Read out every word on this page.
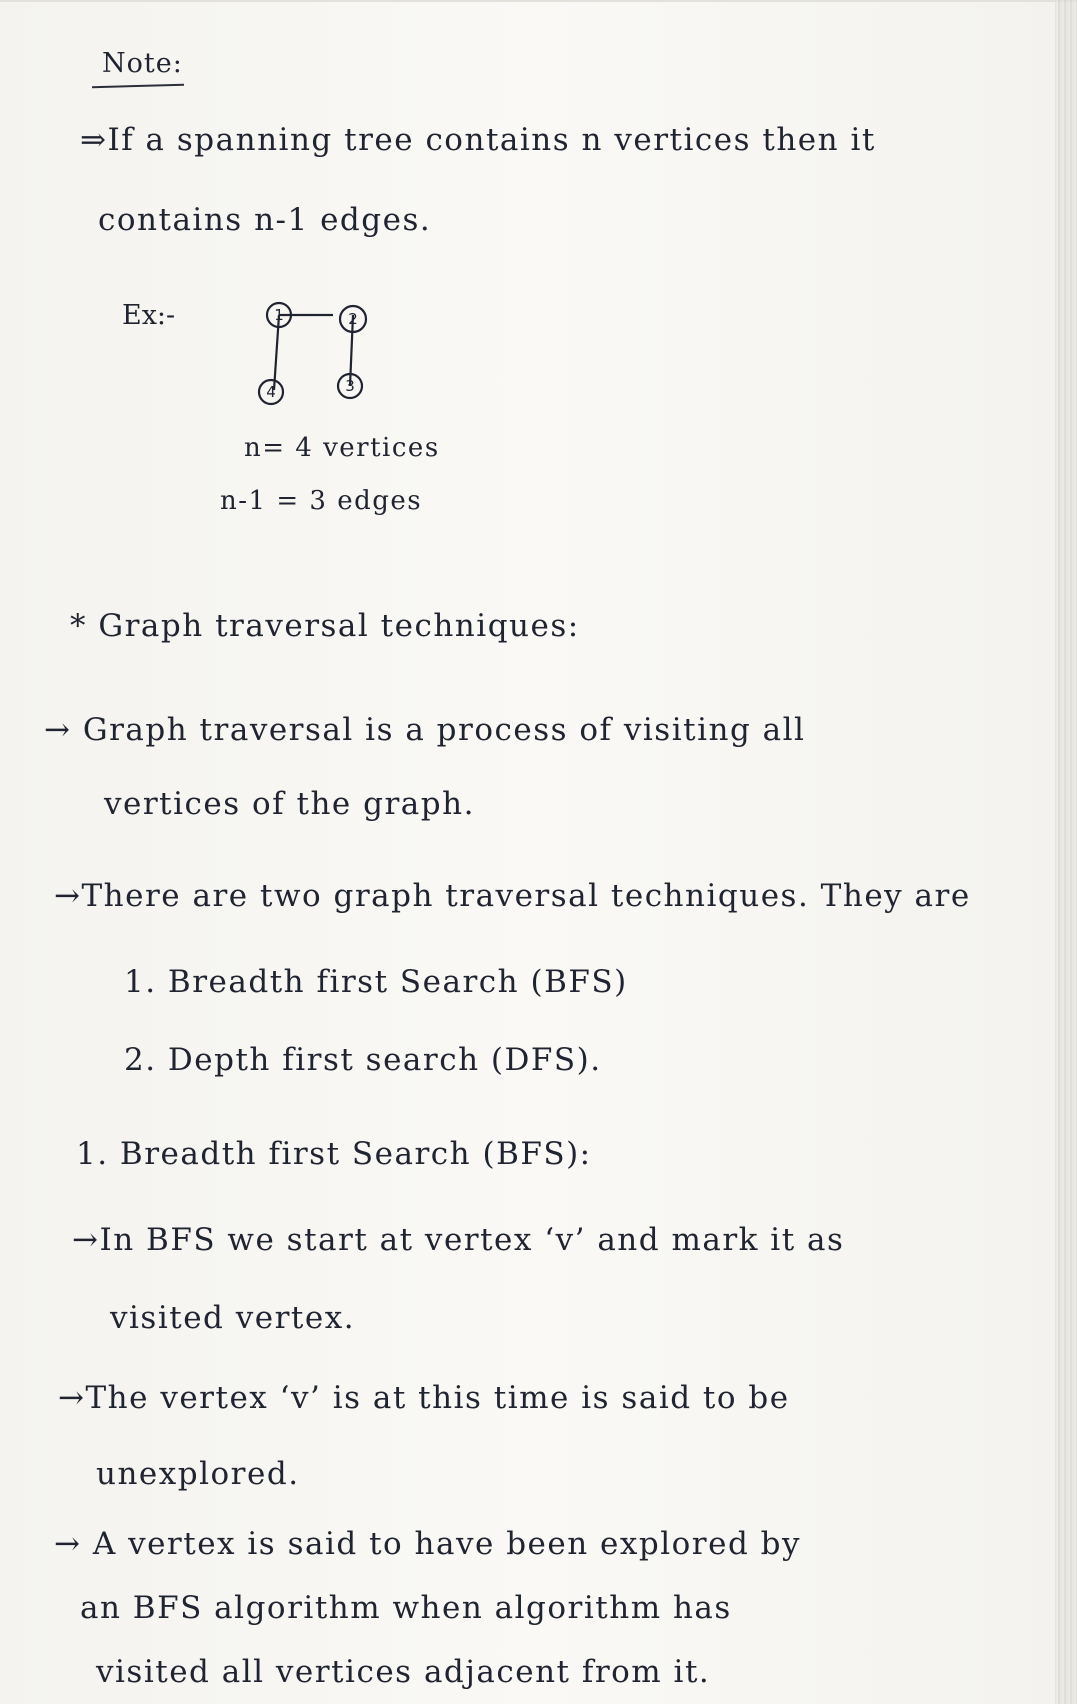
Note:
⇒If a spanning tree contains n vertices then it
contains n-1 edges.
Ex:-	1	2
3
4
n= 4 vertices
n-1 = 3 edges
* Graph traversal techniques:
→ Graph traversal is a process of visiting all
vertices of the graph.
→There are two graph traversal techniques. They are
1. Breadth first Search (BFS)
2. Depth first search (DFS).
1. Breadth first Search (BFS):
→In BFS we start at vertex ‘v’ and mark it as
visited vertex.
→The vertex ‘v’ is at this time is said to be
unexplored.
→ A vertex is said to have been explored by
an BFS algorithm when algorithm has
visited all vertices adjacent from it.
